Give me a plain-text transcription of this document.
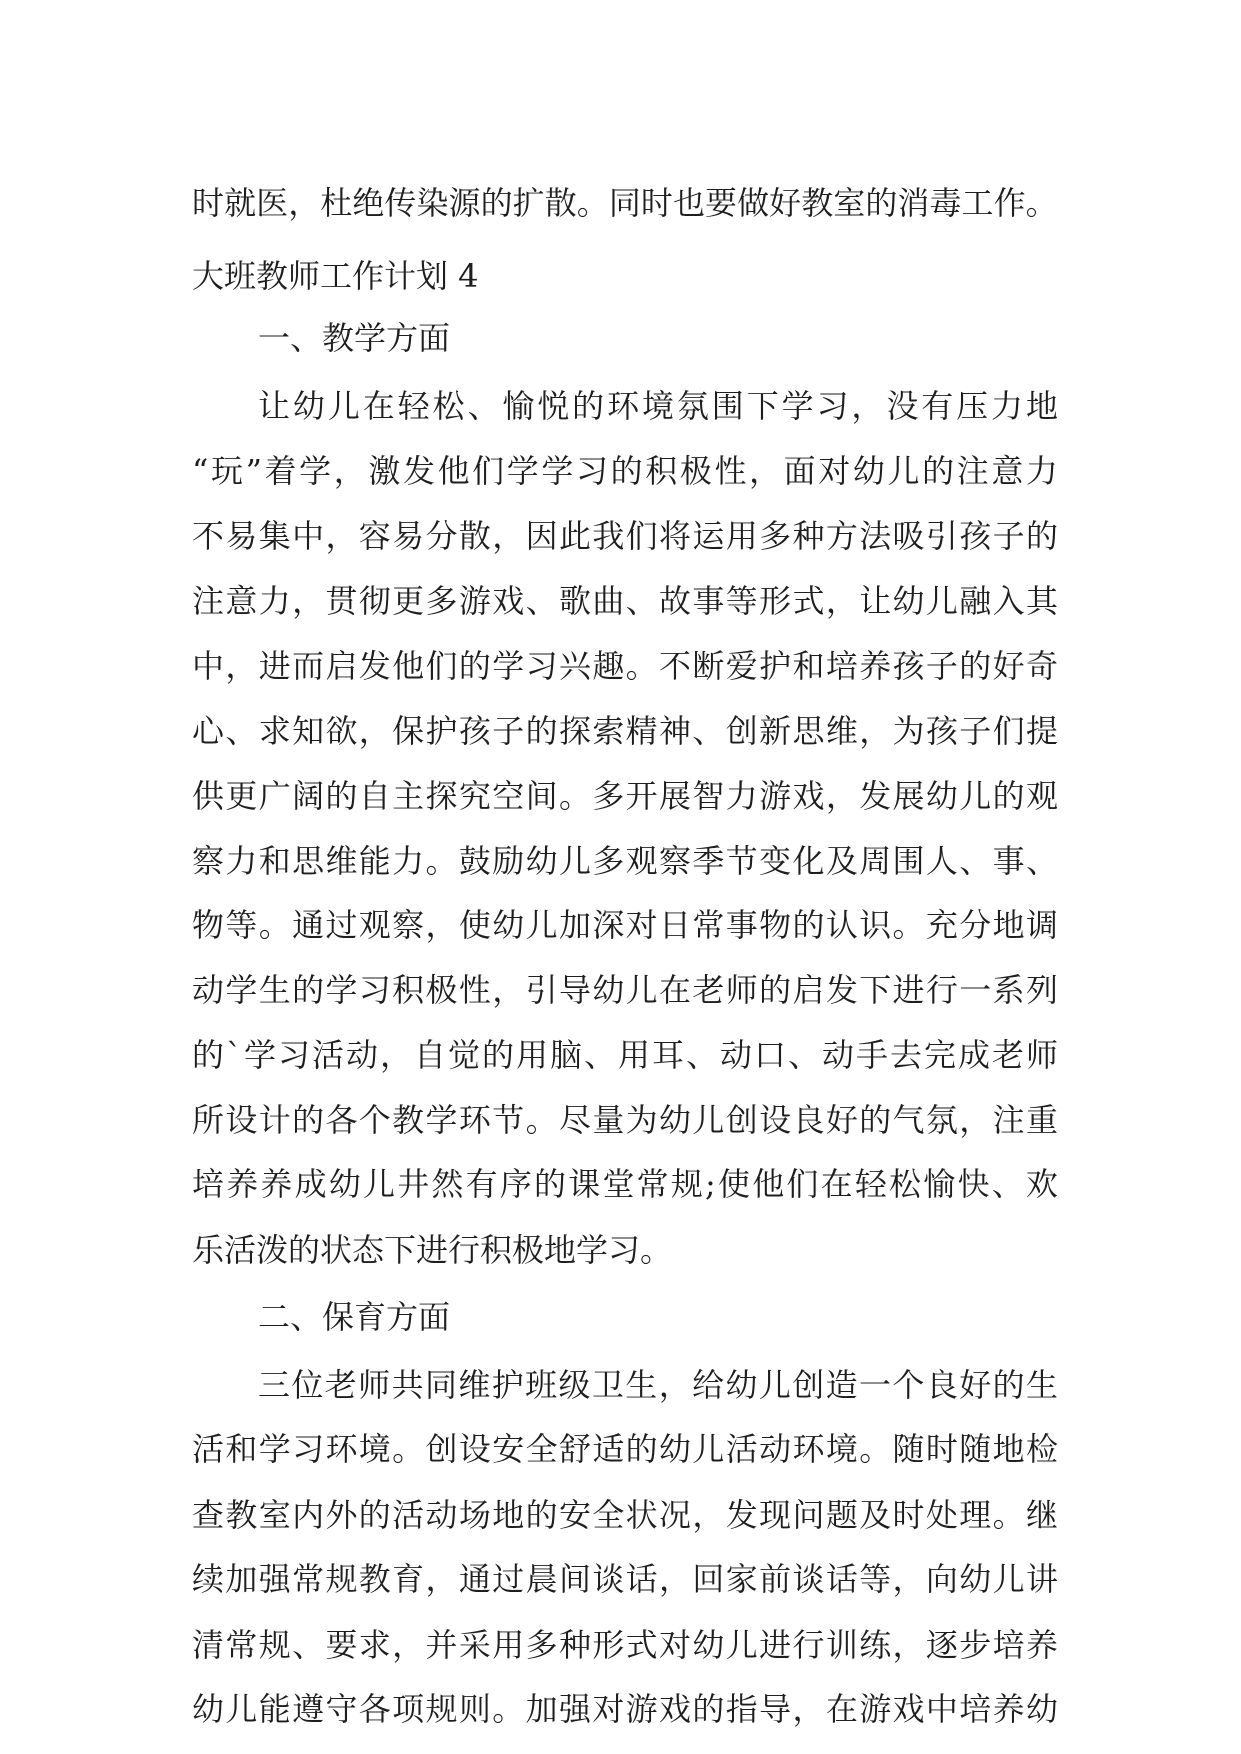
时 就 医 ， 杜 绝 传 染 源 的 扩 散 。 同 时 也 要 做 好 教 室 的 消 毒 工 作 。
大班教师工作计划 4
一、教学方面
让 幼 儿 在 轻 松 、 愉 悦 的 环 境 氛 围 下 学 习 ， 没 有 压 力 地
“ 玩 ” 着 学 ， 激 发 他 们 学 学 习 的 积 极 性 ， 面 对 幼 儿 的 注 意 力
不 易 集 中 ， 容 易 分 散 ， 因 此 我 们 将 运 用 多 种 方 法 吸 引 孩 子 的
注 意 力 ， 贯 彻 更 多 游 戏 、 歌 曲 、 故 事 等 形 式 ， 让 幼 儿 融 入 其
中 ， 进 而 启 发 他 们 的 学 习 兴 趣 。 不 断 爱 护 和 培 养 孩 子 的 好 奇
心 、 求 知 欲 ， 保 护 孩 子 的 探 索 精 神 、 创 新 思 维 ， 为 孩 子 们 提
供 更 广 阔 的 自 主 探 究 空 间 。 多 开 展 智 力 游 戏 ， 发 展 幼 儿 的 观
察 力 和 思 维 能 力 。 鼓 励 幼 儿 多 观 察 季 节 变 化 及 周 围 人 、 事 、
物 等 。 通 过 观 察 ， 使 幼 儿 加 深 对 日 常 事 物 的 认 识 。 充 分 地 调
动 学 生 的 学 习 积 极 性 ， 引 导 幼 儿 在 老 师 的 启 发 下 进 行 一 系 列
的 ` 学 习 活 动 ， 自 觉 的 用 脑 、 用 耳 、 动 口 、 动 手 去 完 成 老 师
所 设 计 的 各 个 教 学 环 节 。 尽 量 为 幼 儿 创 设 良 好 的 气 氛 ， 注 重
培 养 养 成 幼 儿 井 然 有 序 的 课 堂 常 规 ; 使 他 们 在 轻 松 愉 快 、 欢
乐活泼的状态下进行积极地学习。
二、保育方面
三 位 老 师 共 同 维 护 班 级 卫 生 ， 给 幼 儿 创 造 一 个 良 好 的 生
活 和 学 习 环 境 。 创 设 安 全 舒 适 的 幼 儿 活 动 环 境 。 随 时 随 地 检
查 教 室 内 外 的 活 动 场 地 的 安 全 状 况 ， 发 现 问 题 及 时 处 理 。 继
续 加 强 常 规 教 育 ， 通 过 晨 间 谈 话 ， 回 家 前 谈 话 等 ， 向 幼 儿 讲
清 常 规 、 要 求 ， 并 采 用 多 种 形 式 对 幼 儿 进 行 训 练 ， 逐 步 培 养
幼 儿 能 遵 守 各 项 规 则 。 加 强 对 游 戏 的 指 导 ， 在 游 戏 中 培 养 幼
